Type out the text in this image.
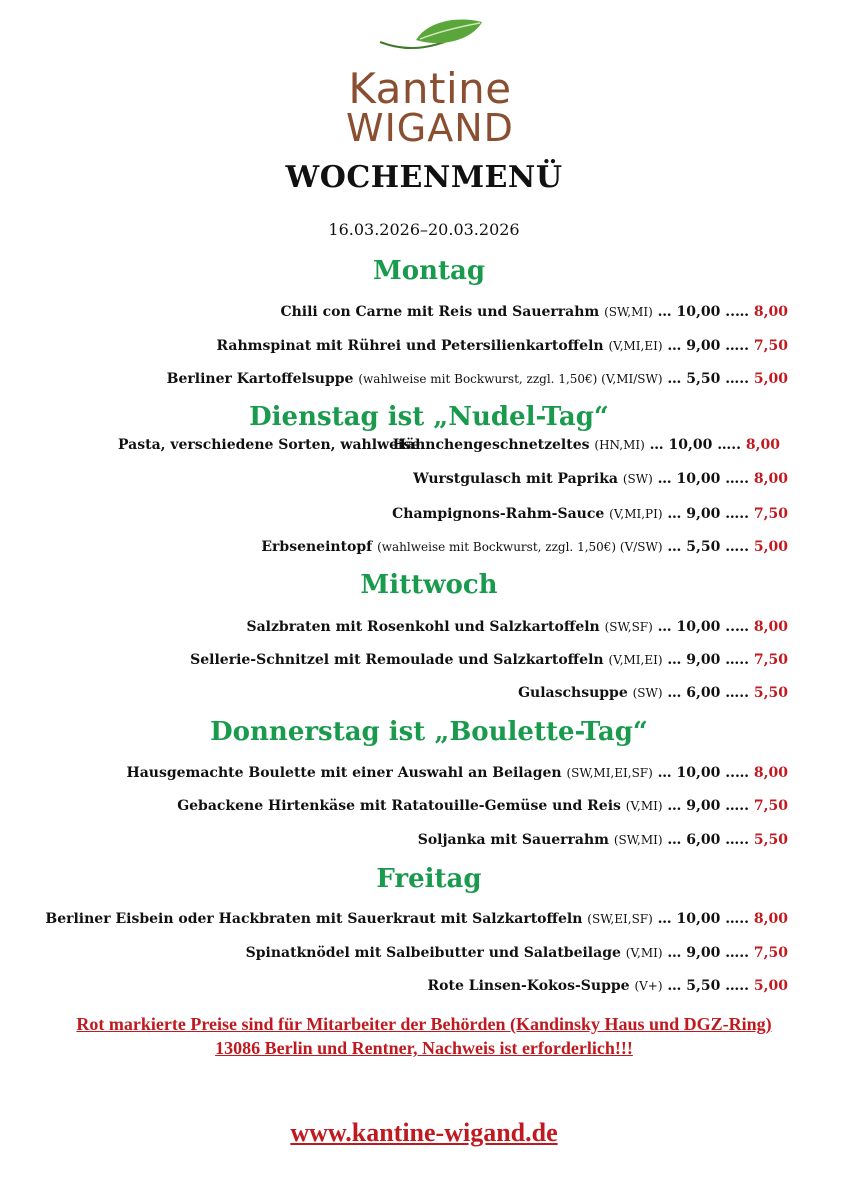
Kantine
WIGAND
WOCHENMENÜ
16.03.2026–20.03.2026
Montag
Chili con Carne mit Reis und Sauerrahm (SW,MI) … 10,00 ..… 8,00
Rahmspinat mit Rührei und Petersilienkartoffeln (V,MI,EI) … 9,00 ….. 7,50
Berliner Kartoffelsuppe (wahlweise mit Bockwurst, zzgl. 1,50€) (V,MI/SW) … 5,50 ….. 5,00
Dienstag ist „Nudel-Tag“
Pasta, verschiedene Sorten, wahlweise:
Hähnchengeschnetzeltes (HN,MI) … 10,00 ….. 8,00
Wurstgulasch mit Paprika (SW) … 10,00 ….. 8,00
Champignons-Rahm-Sauce (V,MI,PI) … 9,00 ….. 7,50
Erbseneintopf (wahlweise mit Bockwurst, zzgl. 1,50€) (V/SW) … 5,50 ….. 5,00
Mittwoch
Salzbraten mit Rosenkohl und Salzkartoffeln (SW,SF) … 10,00 ..… 8,00
Sellerie-Schnitzel mit Remoulade und Salzkartoffeln (V,MI,EI) … 9,00 ….. 7,50
Gulaschsuppe (SW) … 6,00 ….. 5,50
Donnerstag ist „Boulette-Tag“
Hausgemachte Boulette mit einer Auswahl an Beilagen (SW,MI,EI,SF) … 10,00 ..… 8,00
Gebackene Hirtenkäse mit Ratatouille-Gemüse und Reis (V,MI) … 9,00 ….. 7,50
Soljanka mit Sauerrahm (SW,MI) … 6,00 ….. 5,50
Freitag
Berliner Eisbein oder Hackbraten mit Sauerkraut mit Salzkartoffeln (SW,EI,SF) … 10,00 ….. 8,00
Spinatknödel mit Salbeibutter und Salatbeilage (V,MI) … 9,00 ….. 7,50
Rote Linsen-Kokos-Suppe (V+) … 5,50 ….. 5,00
Rot markierte Preise sind für Mitarbeiter der Behörden (Kandinsky Haus und DGZ-Ring)
13086 Berlin und Rentner, Nachweis ist erforderlich!!!
www.kantine-wigand.de
